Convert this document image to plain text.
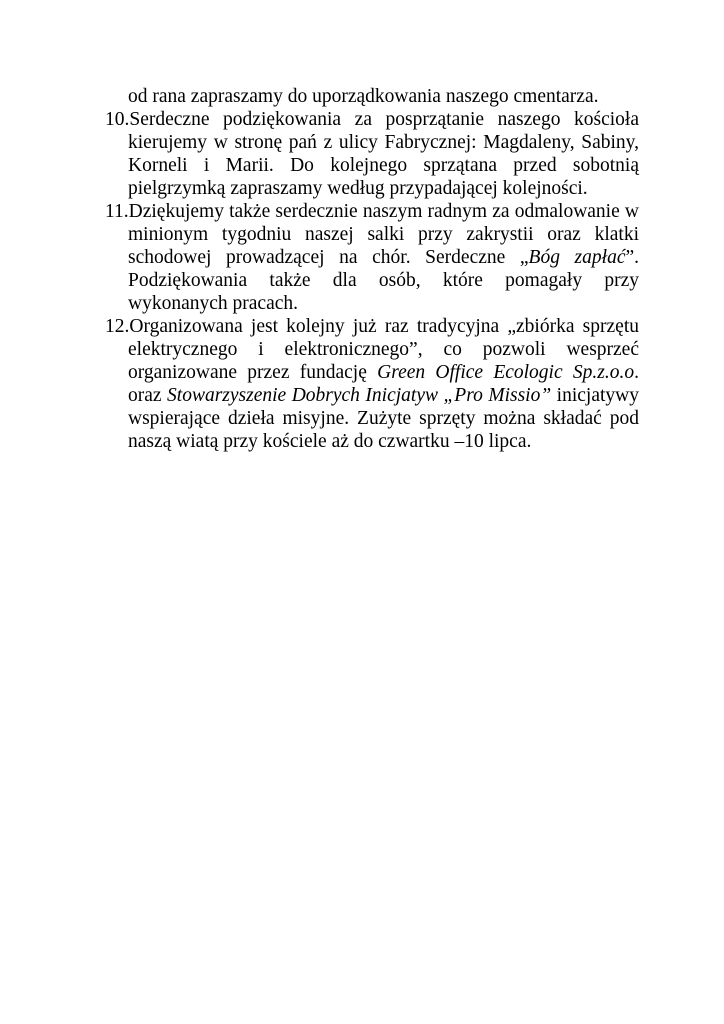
od rana zapraszamy do uporządkowania naszego cmentarza.

10.Serdeczne podziękowania za posprzątanie naszego kościoła kierujemy w stronę pań z ulicy Fabrycznej: Magdaleny, Sabiny, Korneli i Marii. Do kolejnego sprzątana przed sobotnią pielgrzymką zapraszamy według przypadającej kolejności.
11.Dziękujemy także serdecznie naszym radnym za odmalowanie w minionym tygodniu naszej salki przy zakrystii oraz klatki schodowej prowadzącej na chór. Serdeczne „Bóg zapłać”. Podziękowania także dla osób, które pomagały przy wykonanych pracach.
12.Organizowana jest kolejny już raz tradycyjna „zbiórka sprzętu elektrycznego i elektronicznego”, co pozwoli wesprzeć organizowane przez fundację Green Office Ecologic Sp.z.o.o. oraz Stowarzyszenie Dobrych Inicjatyw „Pro Missio” inicjatywy wspierające dzieła misyjne. Zużyte sprzęty można składać pod naszą wiatą przy kościele aż do czwartku –10 lipca.
